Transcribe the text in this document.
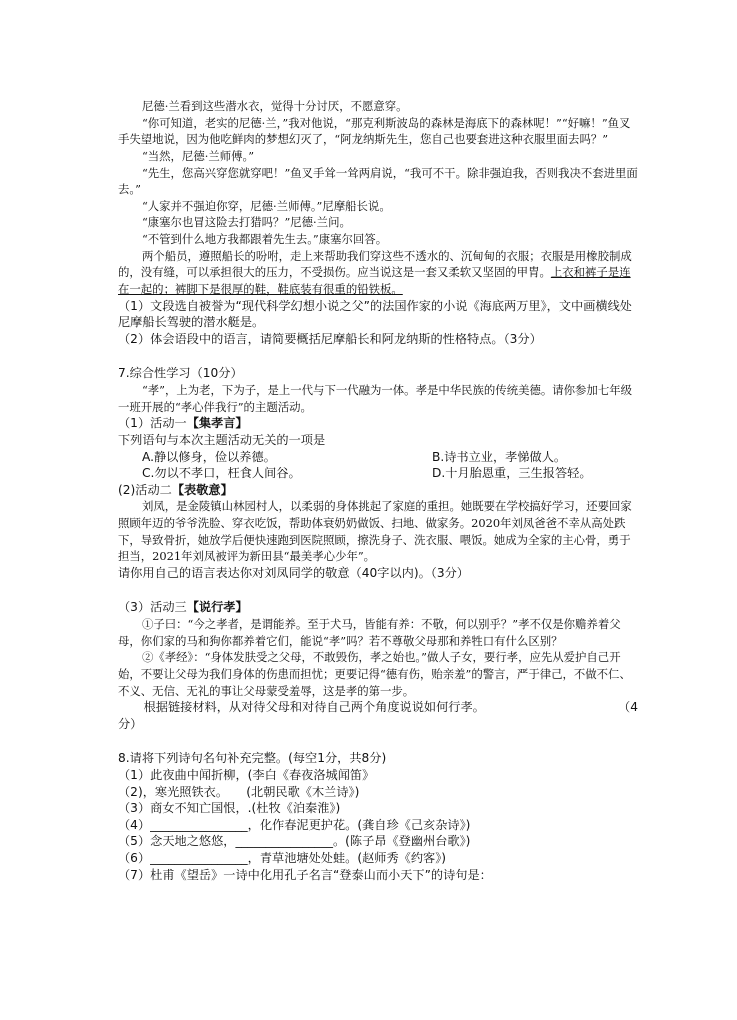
尼德·兰看到这些潜水衣，觉得十分讨厌，不愿意穿。

“你可知道，老实的尼德·兰，”我对他说，“那克利斯波岛的森林是海底下的森林呢！”“好嘛！”鱼叉手失望地说，因为他吃鲜肉的梦想幻灭了，“阿龙纳斯先生，您自己也要套进这种衣服里面去吗？”

“当然，尼德·兰师傅。”

“先生，您高兴穿您就穿吧！”鱼叉手耸一耸两肩说，“我可不干。除非强迫我，否则我决不套进里面去。”

“人家并不强迫你穿，尼德·兰师傅。”尼摩船长说。

“康塞尔也冒这险去打猎吗？”尼德·兰问。

“不管到什么地方我都跟着先生去。”康塞尔回答。

两个船员，遵照船长的吩咐，走上来帮助我们穿这些不透水的、沉甸甸的衣服；衣服是用橡胶制成的，没有缝，可以承担很大的压力，不受损伤。应当说这是一套又柔软又坚固的甲胄。上衣和裤子是连在一起的；裤脚下是很厚的鞋，鞋底装有很重的铅铁板。

（1）文段选自被誉为“现代科学幻想小说之父”的法国作家的小说《海底两万里》，文中画横线处尼摩船长驾驶的潜水艇是。

（2）体会语段中的语言，请简要概括尼摩船长和阿龙纳斯的性格特点。（3分）

7.综合性学习（10分）

“孝”，上为老，下为子，是上一代与下一代融为一体。孝是中华民族的传统美德。请你参加七年级一班开展的“孝心伴我行”的主题活动。

（1）活动一【集孝言】

下列语句与本次主题活动无关的一项是

A.静以修身，俭以养德。	B.诗书立业，孝悌做人。
C.勿以不孝口，枉食人间谷。	D.十月胎恩重，三生报答轻。

(2)活动二【表敬意】

刘凤，是金陵镇山林园村人，以柔弱的身体挑起了家庭的重担。她既要在学校搞好学习，还要回家照顾年迈的爷爷洗脸、穿衣吃饭，帮助体衰奶奶做饭、扫地、做家务。2020年刘凤爸爸不幸从高处跌下，导致骨折，她放学后便快速跑到医院照顾，擦洗身子、洗衣服、喂饭。她成为全家的主心骨，勇于担当，2021年刘凤被评为新田县“最美孝心少年”。

请你用自己的语言表达你对刘凤同学的敬意（40字以内)。（3分）

（3）活动三【说行孝】

①子曰：“今之孝者，是谓能养。至于犬马，皆能有养：不敬，何以别乎？”孝不仅是你赡养着父母，你们家的马和狗你都养着它们，能说“孝”吗？若不尊敬父母那和养牲口有什么区别？

②《孝经》：“身体发肤受之父母，不敢毁伤，孝之始也。”做人子女，要行孝，应先从爱护自己开始，不要让父母为我们身体的伤患而担忧；更要记得“德有伤，贻亲羞”的警言，严于律己，不做不仁、不义、无信、无礼的事让父母蒙受羞辱，这是孝的第一步。

根据链接材料，从对待父母和对待自己两个角度说说如何行孝。	（4

分）

8.请将下列诗句名句补充完整。(每空1分，共8分)

（1）此夜曲中闻折柳，(李白《春夜洛城闻笛》

（2)，寒光照铁衣。　　(北朝民歌《木兰诗》)

（3）商女不知亡国恨，.(杜牧《泊秦淮》)

（4）________________，化作春泥更护花。(龚自珍《己亥杂诗》)

（5）念天地之悠悠，________________。(陈子昂《登幽州台歌》)

（6）________________，青草池塘处处蛙。(赵师秀《约客》)

（7）杜甫《望岳》一诗中化用孔子名言“登泰山而小天下”的诗句是：
